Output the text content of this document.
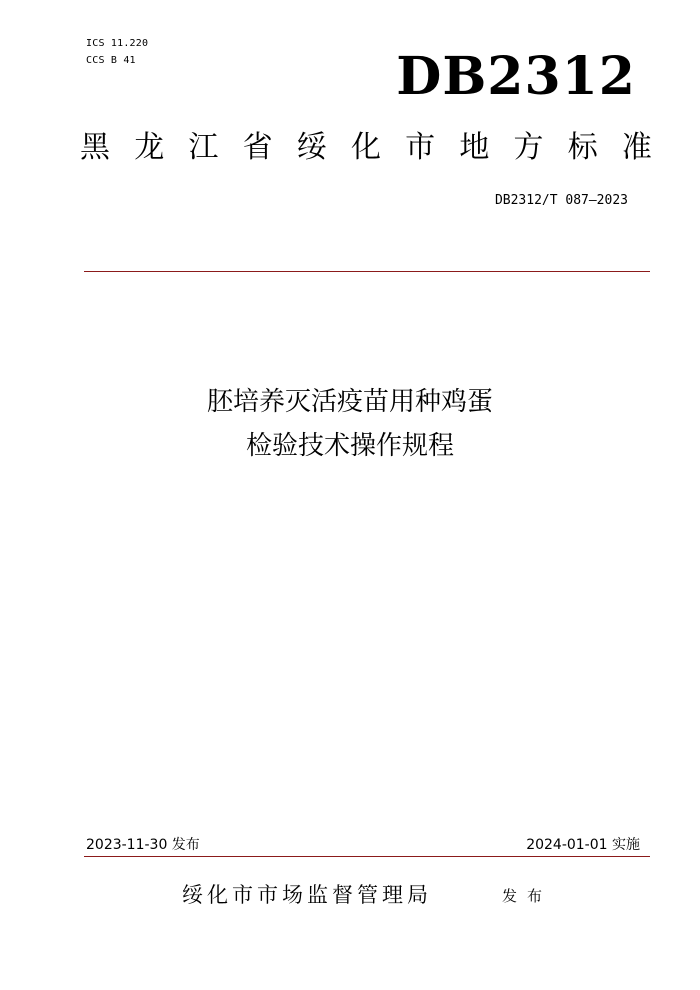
ICS 11.220
CCS B 41	DB2312
黑 龙 江 省 绥 化 市 地 方 标 准
DB2312/T 087—2023
胚培养灭活疫苗用种鸡蛋
检验技术操作规程
2023-11-30 发布	2024-01-01 实施
绥化市市场监督管理局	发布
